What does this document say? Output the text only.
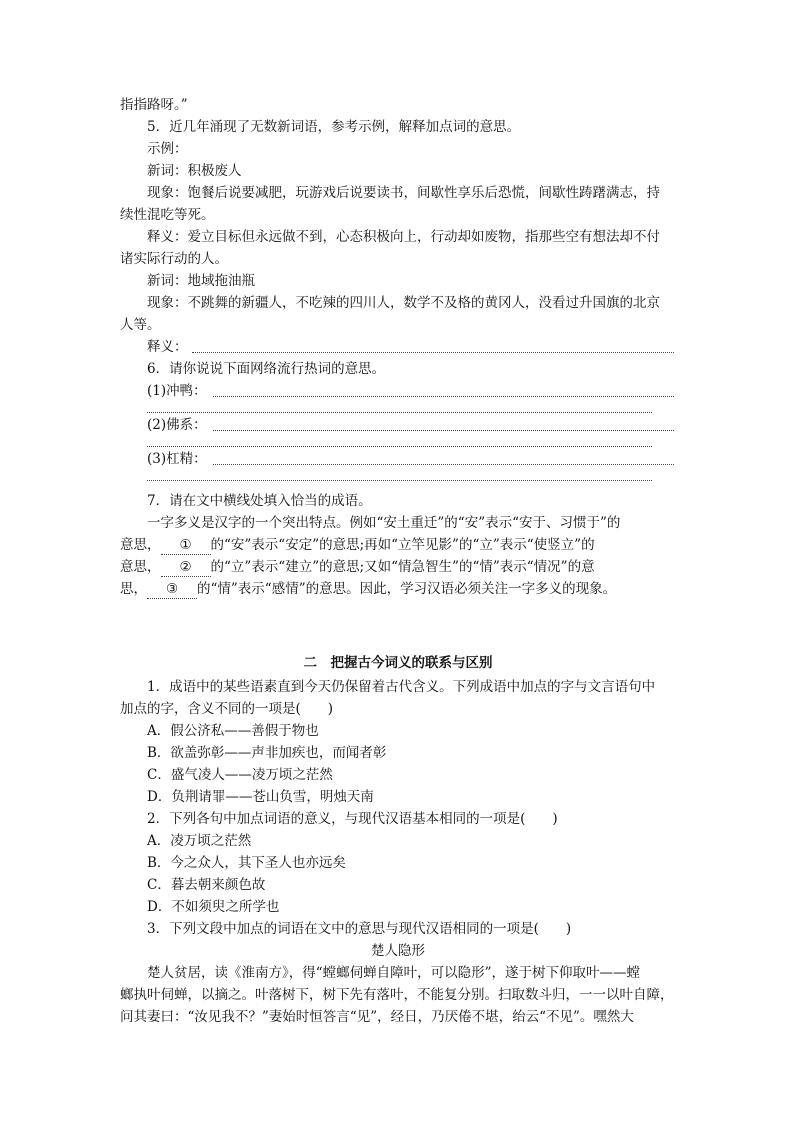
指指路呀。”
5．近几年涌现了无数新词语，参考示例，解释加点词的意思。
示例：
新词：积极废人
现象：饱餐后说要减肥，玩游戏后说要读书，间歇性享乐后恐慌，间歇性踌躇满志，持
续性混吃等死。
释义：爱立目标但永远做不到，心态积极向上，行动却如废物，指那些空有想法却不付
诸实际行动的人。
新词：地域拖油瓶
现象：不跳舞的新疆人，不吃辣的四川人，数学不及格的黄冈人，没看过升国旗的北京
人等。
释义：
6．请你说说下面网络流行热词的意思。
(1)冲鸭：
(2)佛系：
(3)杠精：
7．请在文中横线处填入恰当的成语。
一字多义是汉字的一个突出特点。例如“安土重迁”的“安”表示“安于、习惯于”的
意思， ① 的“安”表示“安定”的意思;再如“立竿见影”的“立”表示“使竖立”的
意思， ② 的“立”表示“建立”的意思;又如“情急智生”的“情”表示“情况”的意
思， ③ 的“情”表示“感情”的意思。因此，学习汉语必须关注一字多义的现象。
二　把握古今词义的联系与区别
1．成语中的某些语素直到今天仍保留着古代含义。下列成语中加点的字与文言语句中
加点的字，含义不同的一项是(　　)
A．假公济私——善假于物也
B．欲盖弥彰——声非加疾也，而闻者彰
C．盛气凌人——凌万顷之茫然
D．负荆请罪——苍山负雪，明烛天南
2．下列各句中加点词语的意义，与现代汉语基本相同的一项是(　　)
A．凌万顷之茫然
B．今之众人，其下圣人也亦远矣
C．暮去朝来颜色故
D．不如须臾之所学也
3．下列文段中加点的词语在文中的意思与现代汉语相同的一项是(　　)
楚人隐形
楚人贫居，读《淮南方》，得“螳螂伺蝉自障叶，可以隐形”，遂于树下仰取叶——螳
螂执叶伺蝉，以摘之。叶落树下，树下先有落叶，不能复分别。扫取数斗归，一一以叶自障，
问其妻曰：“汝见我不？”妻始时恒答言“见”，经日，乃厌倦不堪，绐云“不见”。嘿然大
